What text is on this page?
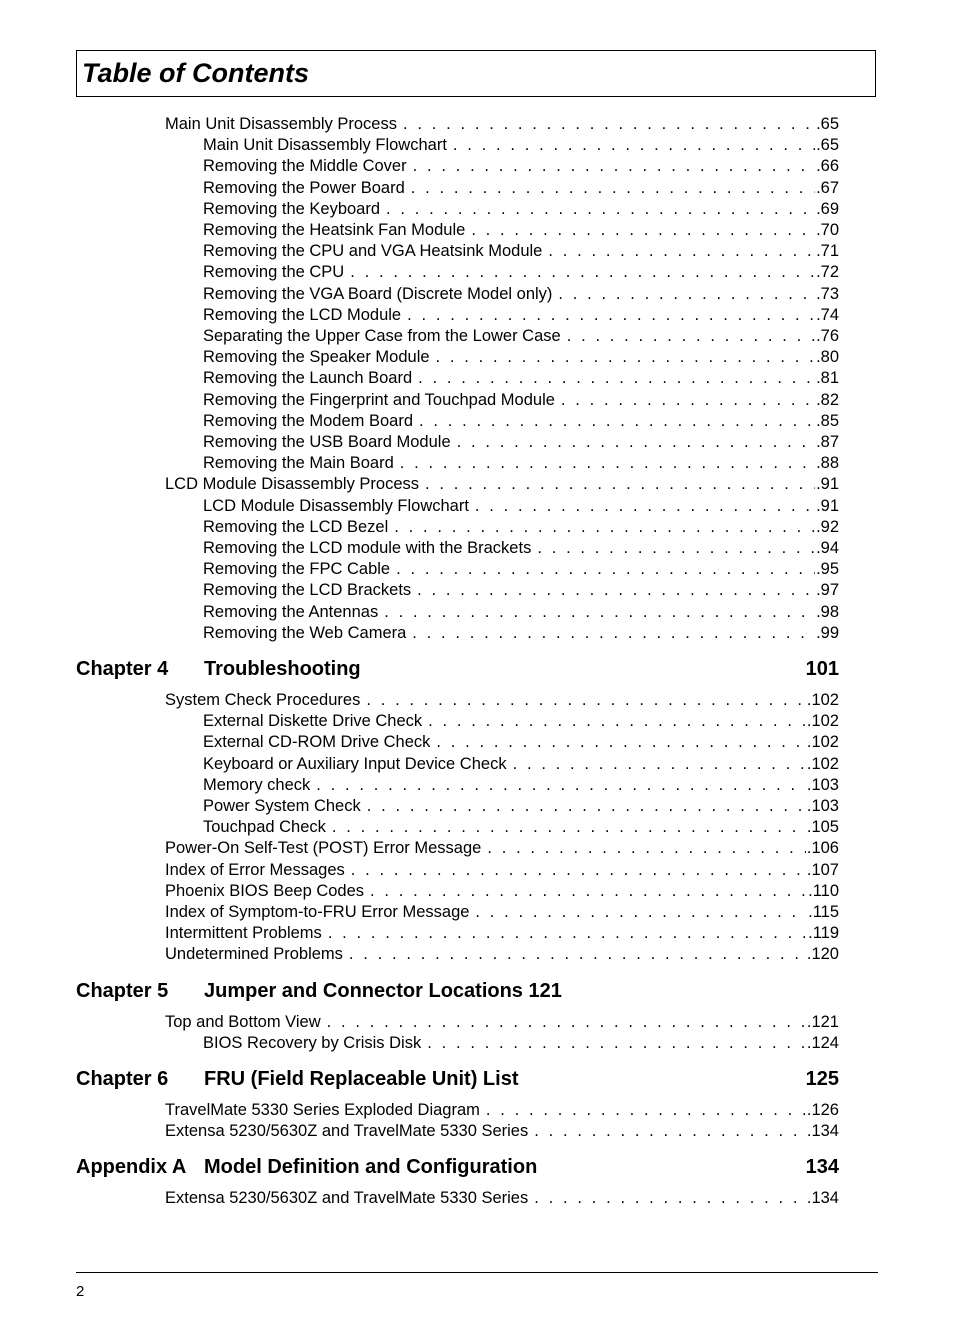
Table of Contents
Main Unit Disassembly Process . . .	.65
Main Unit Disassembly Flowchart . . .	.65
Removing the Middle Cover . . .	.66
Removing the Power Board . . .	.67
Removing the Keyboard . . .	.69
Removing the Heatsink Fan Module . . .	.70
Removing the CPU and VGA Heatsink Module . . .	.71
Removing the CPU . . .	.72
Removing the VGA Board (Discrete Model only) . . .	.73
Removing the LCD Module . . .	.74
Separating the Upper Case from the Lower Case . . .	.76
Removing the Speaker Module . . .	.80
Removing the Launch Board . . .	.81
Removing the Fingerprint and Touchpad Module . . .	.82
Removing the Modem Board . . .	.85
Removing the USB Board Module . . .	.87
Removing the Main Board . . .	.88
LCD Module Disassembly Process . . .	.91
LCD Module Disassembly Flowchart . . .	.91
Removing the LCD Bezel . . .	.92
Removing the LCD module with the Brackets . . .	.94
Removing the FPC Cable . . .	.95
Removing the LCD Brackets . . .	.97
Removing the Antennas . . .	.98
Removing the Web Camera . . .	.99
Chapter 4 Troubleshooting	101
System Check Procedures . . .	.102
External Diskette Drive Check . . .	.102
External CD-ROM Drive Check . . .	.102
Keyboard or Auxiliary Input Device Check . . .	.102
Memory check . . .	.103
Power System Check . . .	.103
Touchpad Check . . .	.105
Power-On Self-Test (POST) Error Message . . .	.106
Index of Error Messages . . .	.107
Phoenix BIOS Beep Codes . . .	.110
Index of Symptom-to-FRU Error Message . . .	.115
Intermittent Problems . . .	.119
Undetermined Problems . . .	.120
Chapter 5 Jumper and Connector Locations 121
Top and Bottom View . . .	.121
BIOS Recovery by Crisis Disk . . .	.124
Chapter 6 FRU (Field Replaceable Unit) List	125
TravelMate 5330 Series Exploded Diagram . . .	.126
Extensa 5230/5630Z and TravelMate 5330 Series . . .	.134
Appendix A Model Definition and Configuration	134
Extensa 5230/5630Z and TravelMate 5330 Series . . .	.134
2
